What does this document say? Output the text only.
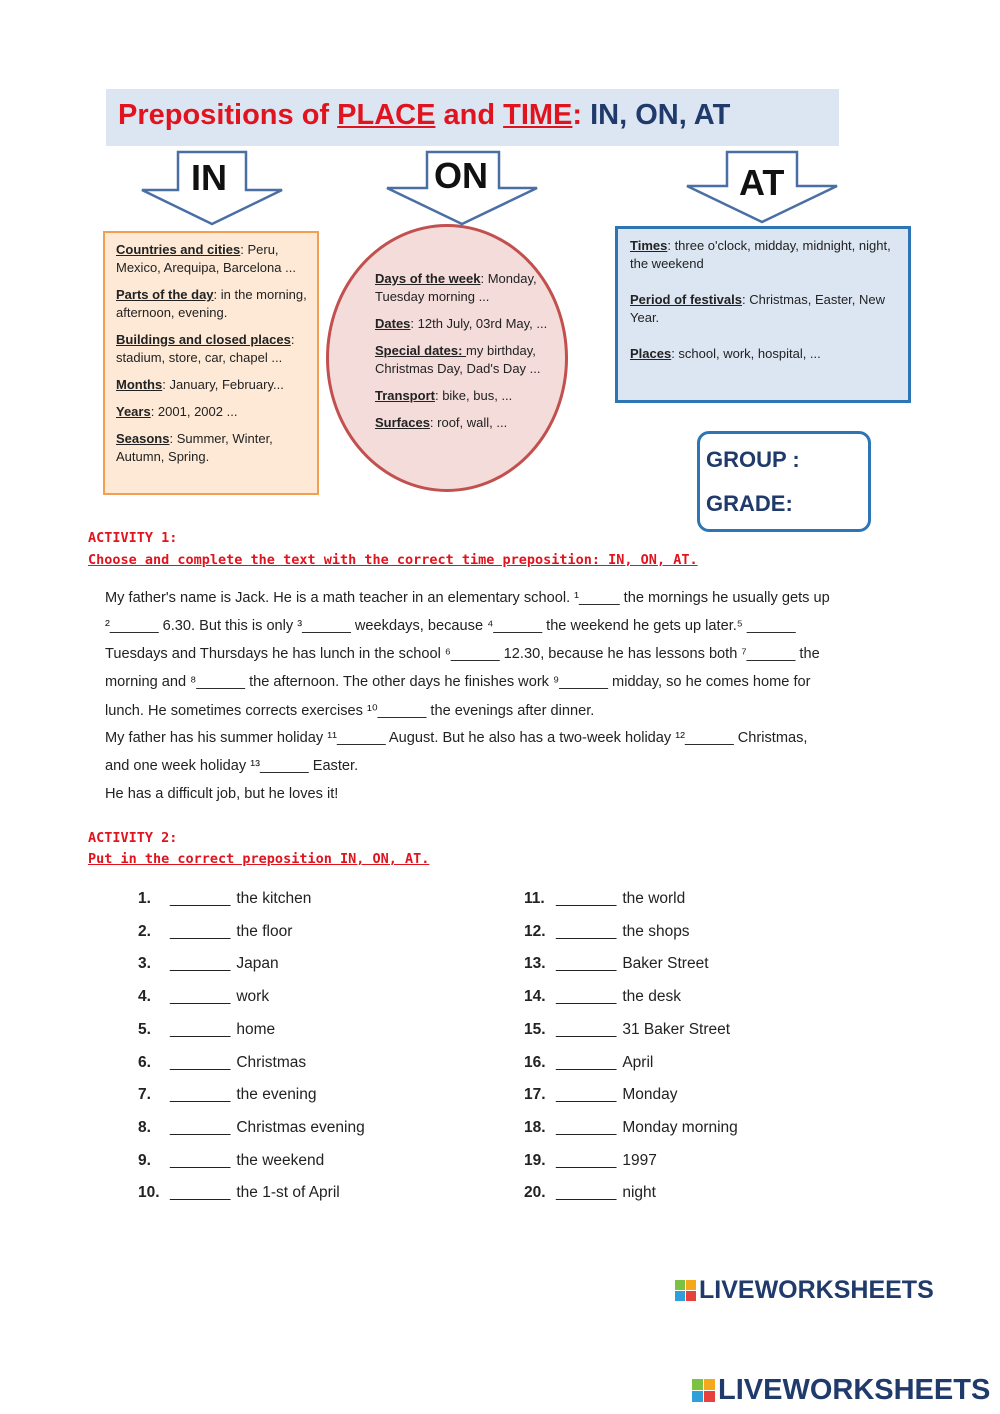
Prepositions of PLACE and TIME: IN, ON, AT
IN	ON	AT

Countries and cities: Peru, Mexico, Arequipa, Barcelona ...

Parts of the day: in the morning, afternoon, evening.

Buildings and closed places: stadium, store, car, chapel ...

Months: January, February...

Years: 2001, 2002 ...

Seasons: Summer, Winter, Autumn, Spring.

Days of the week: Monday, Tuesday morning ...

Dates: 12th July, 03rd May, ...

Special dates: my birthday, Christmas Day, Dad's Day ...

Transport: bike, bus, ...

Surfaces: roof, wall, ...

Times: three o'clock, midday, midnight, night, the weekend

Period of festivals: Christmas, Easter, New Year.

Places: school, work, hospital, ...

GROUP :
GRADE:
ACTIVITY 1:
Choose and complete the text with the correct time preposition: IN, ON, AT.
My father's name is Jack. He is a math teacher in an elementary school. ¹_____ the mornings he usually gets up
²______ 6.30. But this is only ³______ weekdays, because ⁴______ the weekend he gets up later.⁵ ______
Tuesdays and Thursdays he has lunch in the school ⁶______ 12.30, because he has lessons both ⁷______ the
morning and ⁸______ the afternoon. The other days he finishes work ⁹______ midday, so he comes home for
lunch. He sometimes corrects exercises ¹⁰______ the evenings after dinner.
My father has his summer holiday ¹¹______ August. But he also has a two-week holiday ¹²______ Christmas,
and one week holiday ¹³______ Easter.
He has a difficult job, but he loves it!
ACTIVITY 2:
Put in the correct preposition IN, ON, AT.
LIVEWORKSHEETS
LIVEWORKSHEETS
1. _______ the kitchen
2. _______ the floor
3. _______ Japan
4. _______ work
5. _______ home
6. _______ Christmas
7. _______ the evening
8. _______ Christmas evening
9. _______ the weekend
10. _______ the 1-st of April
11. _______ the world
12. _______ the shops
13. _______ Baker Street
14. _______ the desk
15. _______ 31 Baker Street
16. _______ April
17. _______ Monday
18. _______ Monday morning
19. _______ 1997
20. _______ night
